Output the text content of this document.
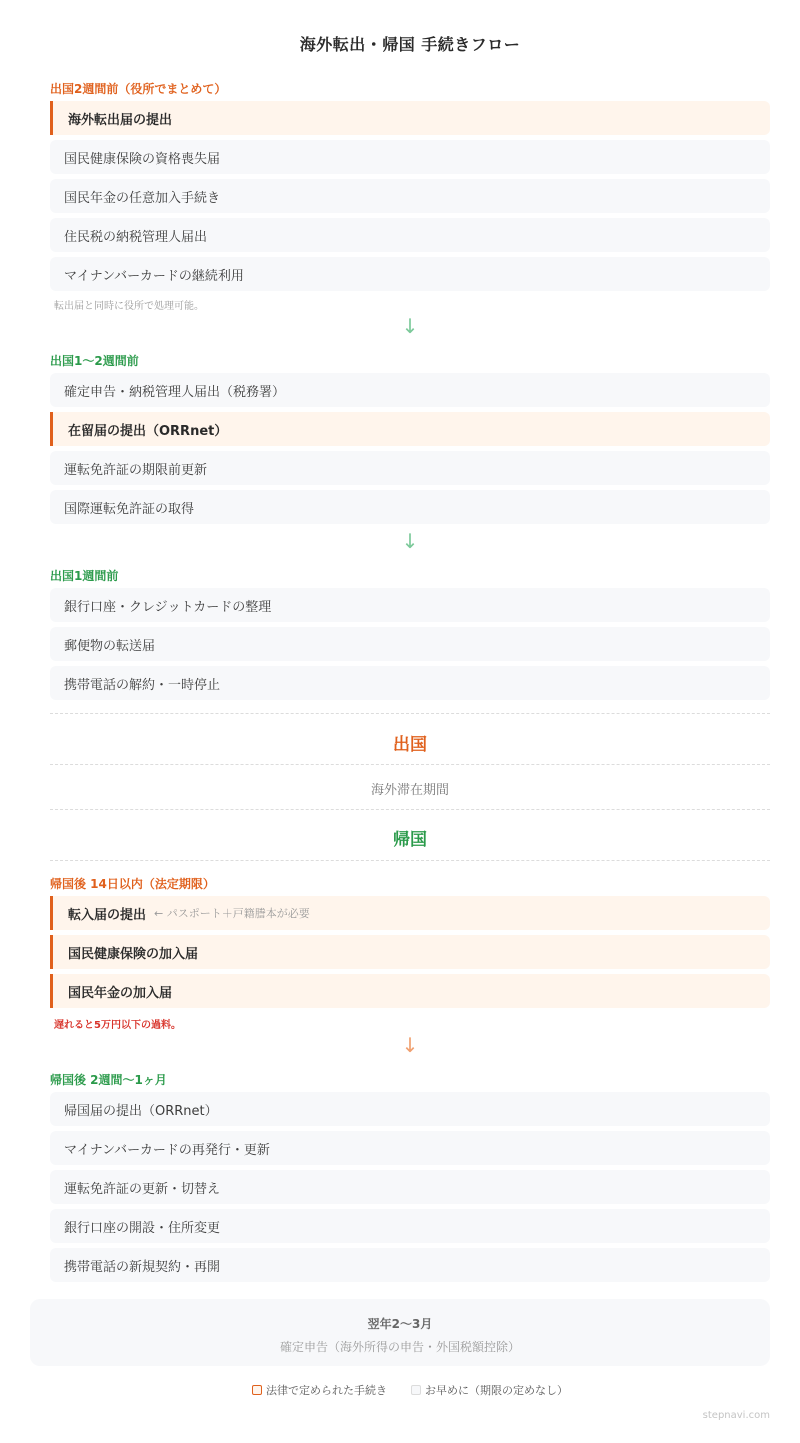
海外転出・帰国 手続きフロー
出国2週間前（役所でまとめて）
海外転出届の提出
国民健康保険の資格喪失届
国民年金の任意加入手続き
住民税の納税管理人届出
マイナンバーカードの継続利用
転出届と同時に役所で処理可能。
↓
出国1〜2週間前
確定申告・納税管理人届出（税務署）
在留届の提出（ORRnet）
運転免許証の期限前更新
国際運転免許証の取得
↓
出国1週間前
銀行口座・クレジットカードの整理
郵便物の転送届
携帯電話の解約・一時停止
出国
海外滞在期間
帰国
帰国後 14日以内（法定期限）
転入届の提出 ← パスポート＋戸籍謄本が必要
国民健康保険の加入届
国民年金の加入届
遅れると5万円以下の過料。
↓
帰国後 2週間〜1ヶ月
帰国届の提出（ORRnet）
マイナンバーカードの再発行・更新
運転免許証の更新・切替え
銀行口座の開設・住所変更
携帯電話の新規契約・再開
翌年2〜3月
確定申告（海外所得の申告・外国税額控除）
法律で定められた手続き	お早めに（期限の定めなし）
stepnavi.com
